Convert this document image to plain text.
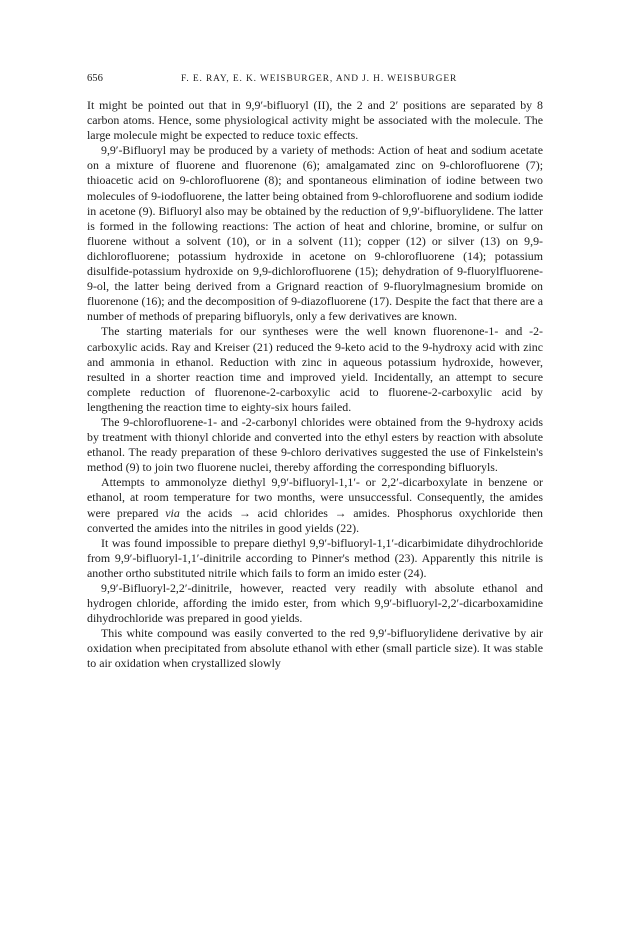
656	F. E. RAY, E. K. WEISBURGER, AND J. H. WEISBURGER

It might be pointed out that in 9,9′-bifluoryl (II), the 2 and 2′ positions are separated by 8 carbon atoms. Hence, some physiological activity might be associated with the molecule. The large molecule might be expected to reduce toxic effects.

9,9′-Bifluoryl may be produced by a variety of methods: Action of heat and sodium acetate on a mixture of fluorene and fluorenone (6); amalgamated zinc on 9-chlorofluorene (7); thioacetic acid on 9-chlorofluorene (8); and spontaneous elimination of iodine between two molecules of 9-iodofluorene, the latter being obtained from 9-chlorofluorene and sodium iodide in acetone (9). Bifluoryl also may be obtained by the reduction of 9,9′-bifluorylidene. The latter is formed in the following reactions: The action of heat and chlorine, bromine, or sulfur on fluorene without a solvent (10), or in a solvent (11); copper (12) or silver (13) on 9,9-dichlorofluorene; potassium hydroxide in acetone on 9-chlorofluorene (14); potassium disulfide-potassium hydroxide on 9,9-dichlorofluorene (15); dehydration of 9-fluorylfluorene-9-ol, the latter being derived from a Grignard reaction of 9-fluorylmagnesium bromide on fluorenone (16); and the decomposition of 9-diazofluorene (17). Despite the fact that there are a number of methods of preparing bifluoryls, only a few derivatives are known.

The starting materials for our syntheses were the well known fluorenone-1- and -2-carboxylic acids. Ray and Kreiser (21) reduced the 9-keto acid to the 9-hydroxy acid with zinc and ammonia in ethanol. Reduction with zinc in aqueous potassium hydroxide, however, resulted in a shorter reaction time and improved yield. Incidentally, an attempt to secure complete reduction of fluorenone-2-carboxylic acid to fluorene-2-carboxylic acid by lengthening the reaction time to eighty-six hours failed.

The 9-chlorofluorene-1- and -2-carbonyl chlorides were obtained from the 9-hydroxy acids by treatment with thionyl chloride and converted into the ethyl esters by reaction with absolute ethanol. The ready preparation of these 9-chloro derivatives suggested the use of Finkelstein's method (9) to join two fluorene nuclei, thereby affording the corresponding bifluoryls.

Attempts to ammonolyze diethyl 9,9′-bifluoryl-1,1′- or 2,2′-dicarboxylate in benzene or ethanol, at room temperature for two months, were unsuccessful. Consequently, the amides were prepared via the acids → acid chlorides → amides. Phosphorus oxychloride then converted the amides into the nitriles in good yields (22).

It was found impossible to prepare diethyl 9,9′-bifluoryl-1,1′-dicarbimidate dihydrochloride from 9,9′-bifluoryl-1,1′-dinitrile according to Pinner's method (23). Apparently this nitrile is another ortho substituted nitrile which fails to form an imido ester (24).

9,9′-Bifluoryl-2,2′-dinitrile, however, reacted very readily with absolute ethanol and hydrogen chloride, affording the imido ester, from which 9,9′-bifluoryl-2,2′-dicarboxamidine dihydrochloride was prepared in good yields.

This white compound was easily converted to the red 9,9′-bifluorylidene derivative by air oxidation when precipitated from absolute ethanol with ether (small particle size). It was stable to air oxidation when crystallized slowly
